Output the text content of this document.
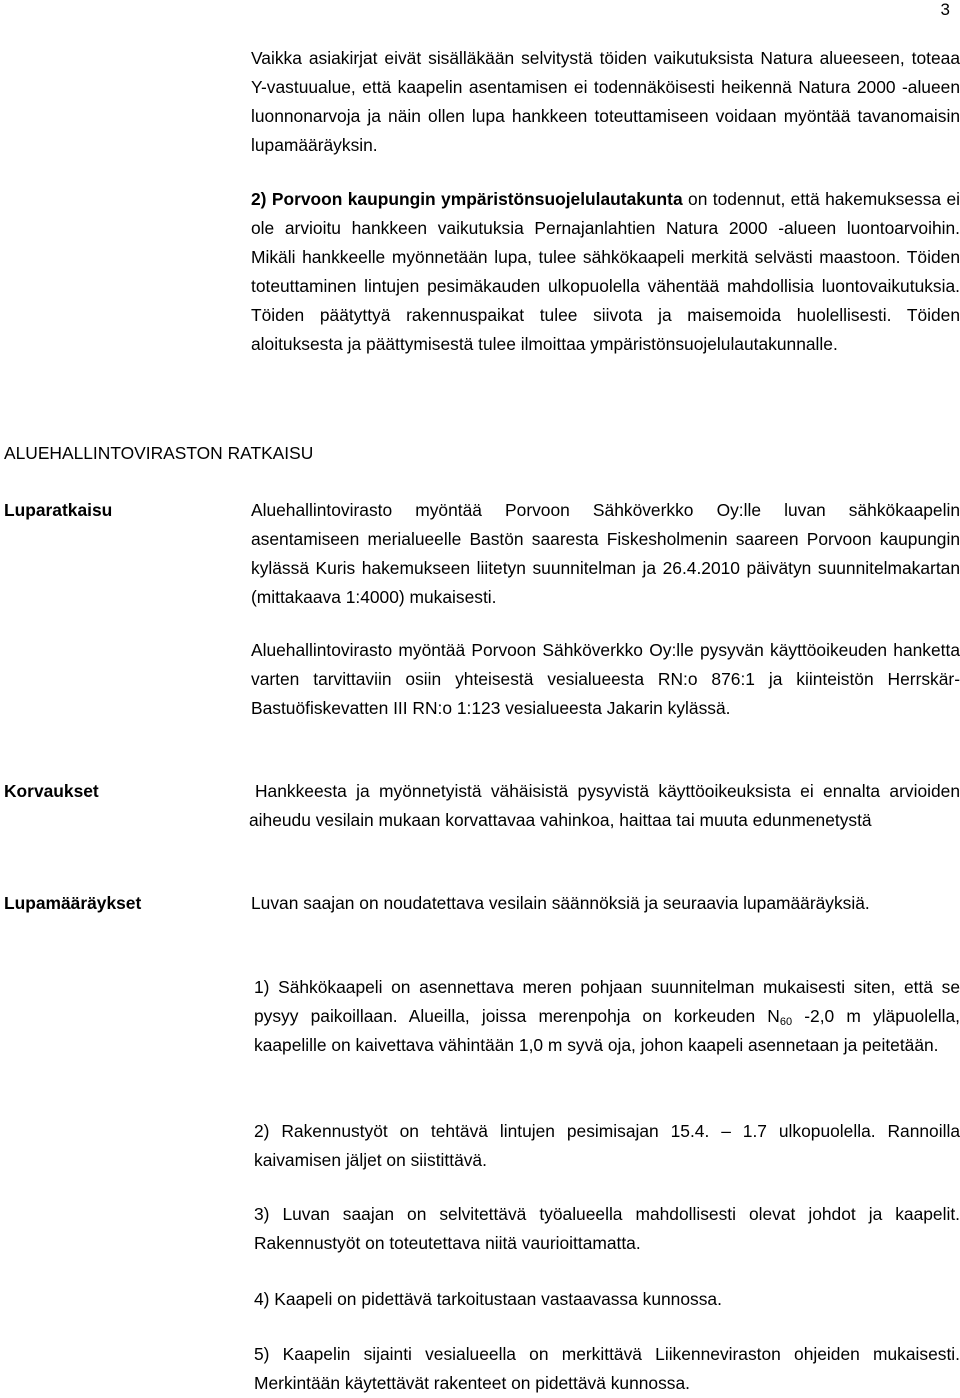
3

Vaikka asiakirjat eivät sisälläkään selvitystä töiden vaikutuksista Natura alueeseen, toteaa Y-vastuualue, että kaapelin asentamisen ei todennäköisesti heikennä Natura 2000 -alueen luonnonarvoja ja näin ollen lupa hankkeen toteuttamiseen voidaan myöntää tavanomaisin lupamääräyksin.

2) Porvoon kaupungin ympäristönsuojelulautakunta on todennut, että hakemuksessa ei ole arvioitu hankkeen vaikutuksia Pernajanlahtien Natura 2000 -alueen luontoarvoihin. Mikäli hankkeelle myönnetään lupa, tulee sähkökaapeli merkitä selvästi maastoon. Töiden toteuttaminen lintujen pesimäkauden ulkopuolella vähentää mahdollisia luontovaikutuksia. Töiden päätyttyä rakennuspaikat tulee siivota ja maisemoida huolellisesti. Töiden aloituksesta ja päättymisestä tulee ilmoittaa ympäristönsuojelulautakunnalle.

ALUEHALLINTOVIRASTON RATKAISU
Luparatkaisu	Aluehallintovirasto myöntää Porvoon Sähköverkko Oy:lle luvan sähkökaapelin asentamiseen merialueelle Bastön saaresta Fiskesholmenin saareen Porvoon kaupungin kylässä Kuris hakemukseen liitetyn suunnitelman ja 26.4.2010 päivätyn suunnitelmakartan (mittakaava 1:4000) mukaisesti.

Aluehallintovirasto myöntää Porvoon Sähköverkko Oy:lle pysyvän käyttöoikeuden hanketta varten tarvittaviin osiin yhteisestä vesialueesta RN:o 876:1 ja kiinteistön Herrskär-Bastuöfiskevatten III RN:o 1:123 vesialueesta Jakarin kylässä.

Korvaukset	Hankkeesta ja myönnetyistä vähäisistä pysyvistä käyttöoikeuksista ei ennalta arvioiden aiheudu vesilain mukaan korvattavaa vahinkoa, haittaa tai muuta edunmenetystä

Lupamääräykset	Luvan saajan on noudatettava vesilain säännöksiä ja seuraavia lupamääräyksiä.

1) Sähkökaapeli on asennettava meren pohjaan suunnitelman mukaisesti siten, että se pysyy paikoillaan. Alueilla, joissa merenpohja on korkeuden $N_{60}$ -2,0 m yläpuolella, kaapelille on kaivettava vähintään 1,0 m syvä oja, johon kaapeli asennetaan ja peitetään.

2) Rakennustyöt on tehtävä lintujen pesimisajan 15.4. – 1.7 ulkopuolella. Rannoilla kaivamisen jäljet on siistittävä.

3) Luvan saajan on selvitettävä työalueella mahdollisesti olevat johdot ja kaapelit. Rakennustyöt on toteutettava niitä vaurioittamatta.

4) Kaapeli on pidettävä tarkoitustaan vastaavassa kunnossa.

5) Kaapelin sijainti vesialueella on merkittävä Liikenneviraston ohjeiden mukaisesti. Merkintään käytettävät rakenteet on pidettävä kunnossa.
